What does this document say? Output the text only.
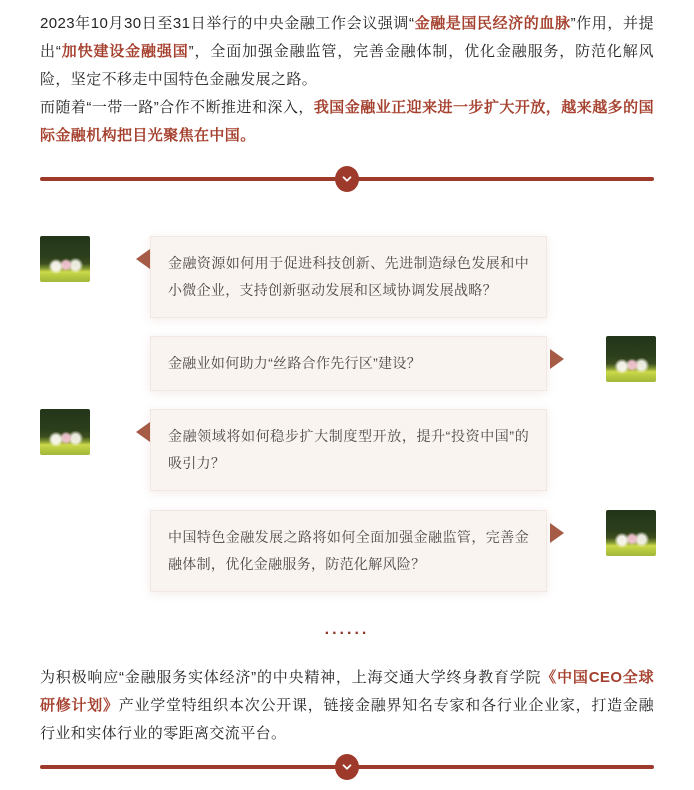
2023年10月30日至31日举行的中央金融工作会议强调“金融是国民经济的血脉”作用，并提出“加快建设金融强国”，全面加强金融监管，完善金融体制，优化金融服务，防范化解风险，坚定不移走中国特色金融发展之路。

而随着“一带一路”合作不断推进和深入，我国金融业正迎来进一步扩大开放，越来越多的国际金融机构把目光聚焦在中国。

金融资源如何用于促进科技创新、先进制造绿色发展和中小微企业，支持创新驱动发展和区域协调发展战略？
金融业如何助力“丝路合作先行区”建设？
金融领域将如何稳步扩大制度型开放，提升“投资中国”的吸引力？
中国特色金融发展之路将如何全面加强金融监管，完善金融体制，优化金融服务，防范化解风险？
......

为积极响应“金融服务实体经济”的中央精神，上海交通大学终身教育学院《中国CEO全球研修计划》产业学堂特组织本次公开课，链接金融界知名专家和各行业企业家，打造金融行业和实体行业的零距离交流平台。
